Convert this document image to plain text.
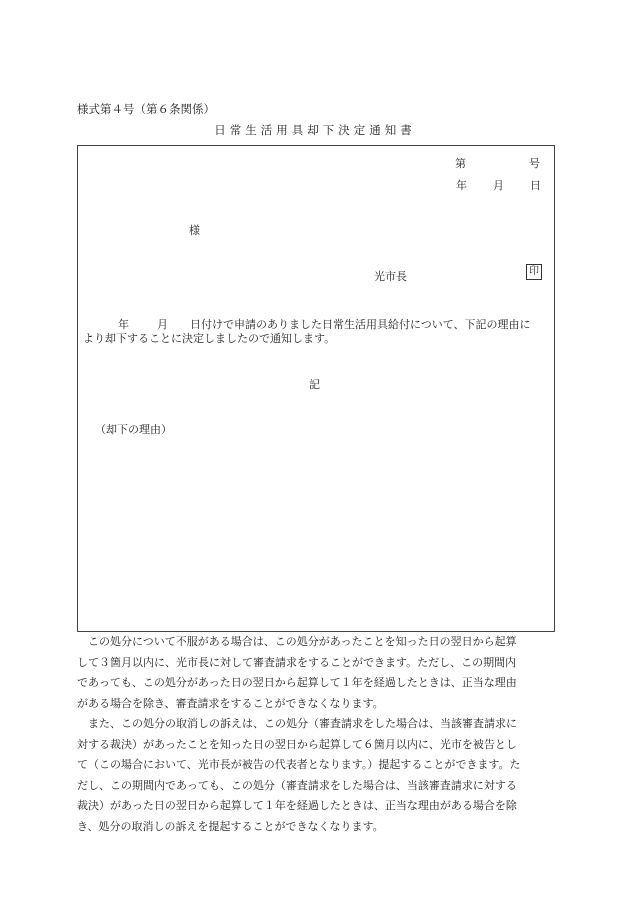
様式第４号（第６条関係）
日常生活用具却下決定通知書
第	号
年 月 日
様
光市長	印
年	月 日付けで申請のありました日常生活用具給付について、下記の理由に
より却下することに決定しましたので通知します。
記
（却下の理由）
　この処分について不服がある場合は、この処分があったことを知った日の翌日から起算
して３箇月以内に、光市長に対して審査請求をすることができます。ただし、この期間内
であっても、この処分があった日の翌日から起算して１年を経過したときは、正当な理由
がある場合を除き、審査請求をすることができなくなります。
　また、この処分の取消しの訴えは、この処分（審査請求をした場合は、当該審査請求に
対する裁決）があったことを知った日の翌日から起算して６箇月以内に、光市を被告とし
て（この場合において、光市長が被告の代表者となります。）提起することができます。た
だし、この期間内であっても、この処分（審査請求をした場合は、当該審査請求に対する
裁決）があった日の翌日から起算して１年を経過したときは、正当な理由がある場合を除
き、処分の取消しの訴えを提起することができなくなります。
